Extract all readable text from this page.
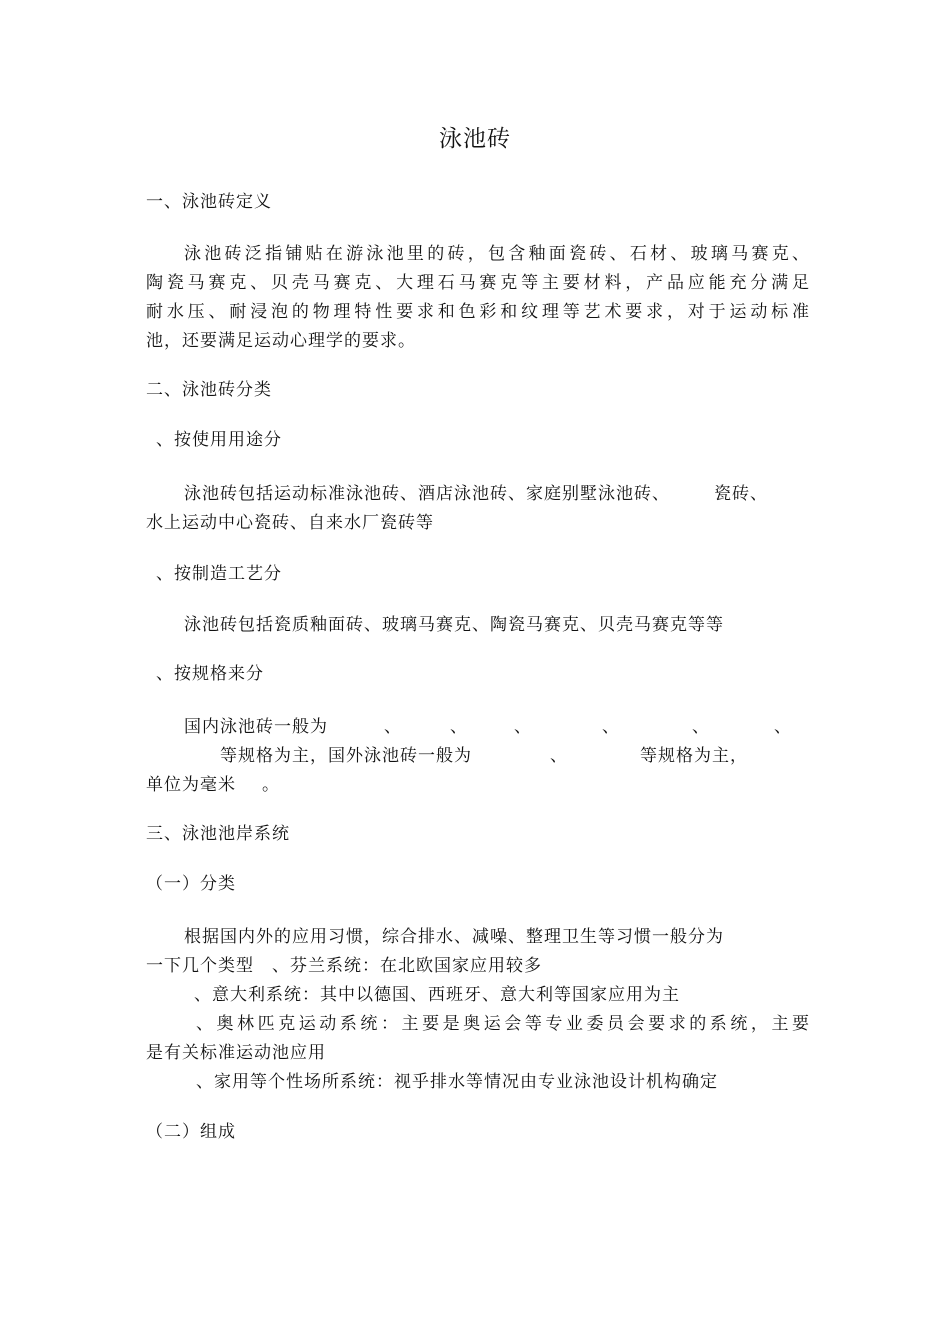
泳池砖
一、泳池砖定义
泳池砖泛指铺贴在游泳池里的砖，包含釉面瓷砖、石材、玻璃马赛克、
陶瓷马赛克、贝壳马赛克、大理石马赛克等主要材料，产品应能充分满足
耐水压、耐浸泡的物理特性要求和色彩和纹理等艺术要求，对于运动标准
池，还要满足运动心理学的要求。
二、泳池砖分类
、按使用用途分
泳池砖包括运动标准泳池砖、酒店泳池砖、家庭别墅泳池砖、	瓷砖、
水上运动中心瓷砖、自来水厂瓷砖等
、按制造工艺分
泳池砖包括瓷质釉面砖、玻璃马赛克、陶瓷马赛克、贝壳马赛克等等
、按规格来分
国内泳池砖一般为	、	、	、	、	、	、
等规格为主，国外泳池砖一般为	、	等规格为主，
单位为毫米 。
三、泳池池岸系统
（一）分类
根据国内外的应用习惯，综合排水、减噪、整理卫生等习惯一般分为
一下几个类型　、芬兰系统：在北欧国家应用较多
、意大利系统：其中以德国、西班牙、意大利等国家应用为主
、奥林匹克运动系统：主要是奥运会等专业委员会要求的系统，主要
是有关标准运动池应用
、家用等个性场所系统：视乎排水等情况由专业泳池设计机构确定
（二）组成
